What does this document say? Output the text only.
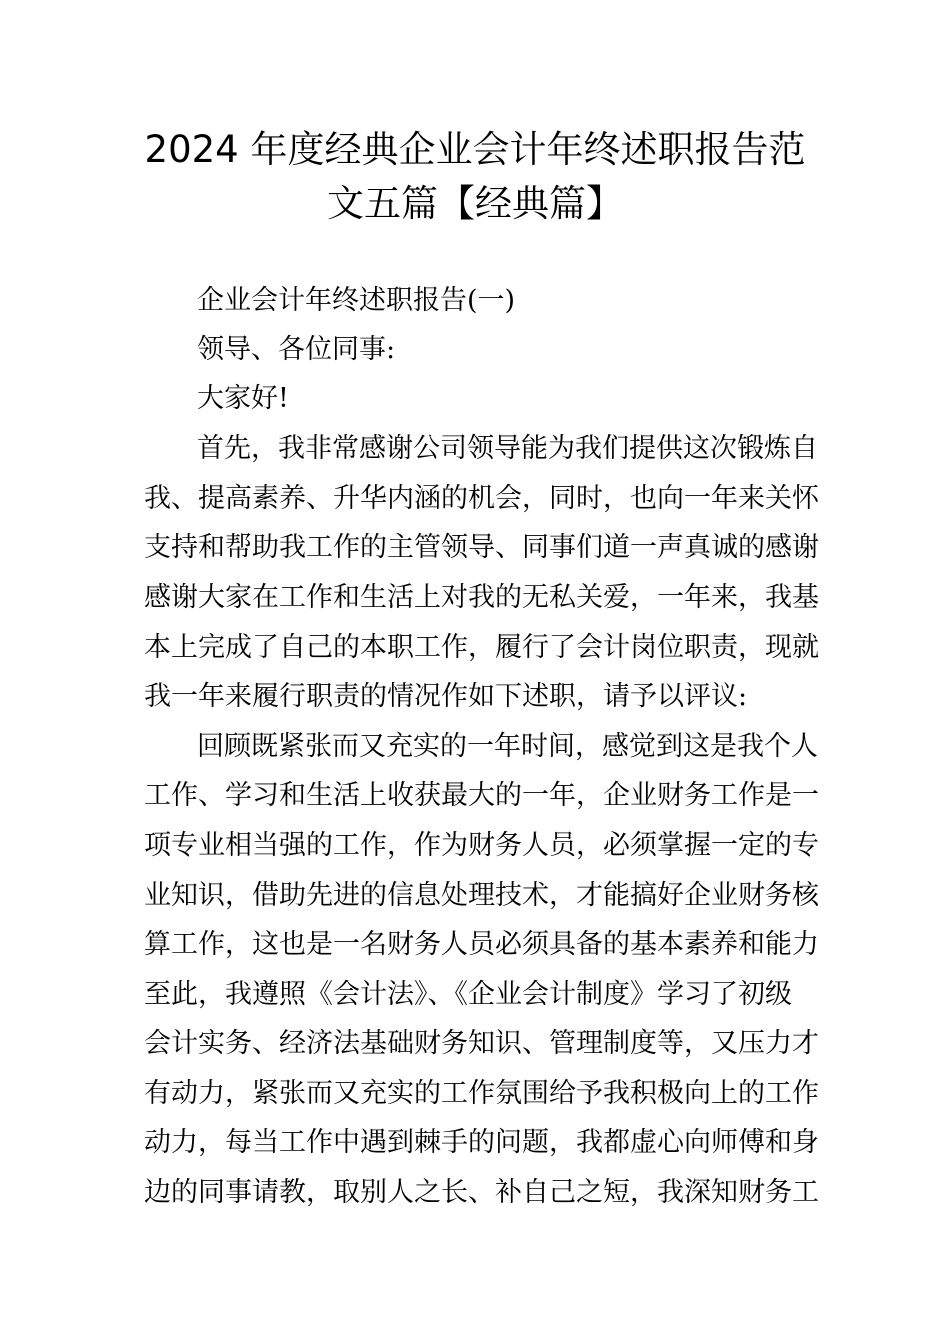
2024 年度经典企业会计年终述职报告范
文五篇【经典篇】
企业会计年终述职报告(一)
领导、各位同事:
大家好!
首先，我非常感谢公司领导能为我们提供这次锻炼自
我、提高素养、升华内涵的机会，同时，也向一年来关怀
支持和帮助我工作的主管领导、同事们道一声真诚的感谢
感谢大家在工作和生活上对我的无私关爱，一年来，我基
本上完成了自己的本职工作，履行了会计岗位职责，现就
我一年来履行职责的情况作如下述职，请予以评议:
回顾既紧张而又充实的一年时间，感觉到这是我个人
工作、学习和生活上收获最大的一年，企业财务工作是一
项专业相当强的工作，作为财务人员，必须掌握一定的专
业知识，借助先进的信息处理技术，才能搞好企业财务核
算工作，这也是一名财务人员必须具备的基本素养和能力
至此，我遵照《会计法》、《企业会计制度》学习了初级
会计实务、经济法基础财务知识、管理制度等，又压力才
有动力，紧张而又充实的工作氛围给予我积极向上的工作
动力，每当工作中遇到棘手的问题，我都虚心向师傅和身
边的同事请教，取别人之长、补自己之短，我深知财务工
